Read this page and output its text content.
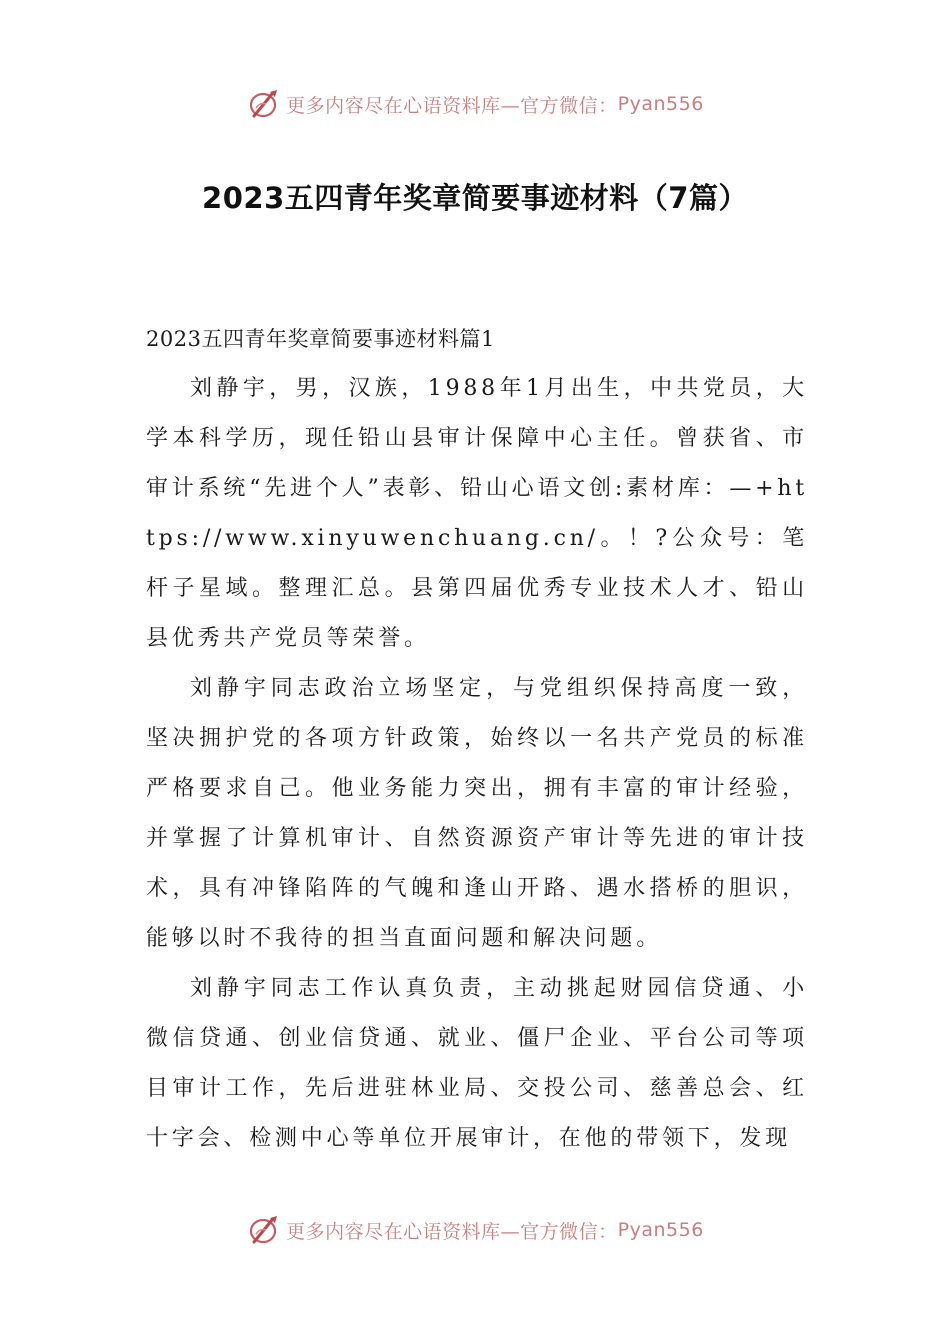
更多内容尽在心语资料库—官方微信： Pyan556
2023五四青年奖章简要事迹材料（7篇）

2023五四青年奖章简要事迹材料篇1

刘静宇，男，汉族，1988年1月出生，中共党员，大学本科学历，现任铅山县审计保障中心主任。曾获省、市审计系统“先进个人”表彰、铅山心语文创:素材库：—+https://www.xinyuwenchuang.cn/。！?公众号：笔杆子星域。整理汇总。县第四届优秀专业技术人才、铅山县优秀共产党员等荣誉。

刘静宇同志政治立场坚定，与党组织保持高度一致，坚决拥护党的各项方针政策，始终以一名共产党员的标准严格要求自己。他业务能力突出，拥有丰富的审计经验，并掌握了计算机审计、自然资源资产审计等先进的审计技术，具有冲锋陷阵的气魄和逢山开路、遇水搭桥的胆识，能够以时不我待的担当直面问题和解决问题。

刘静宇同志工作认真负责，主动挑起财园信贷通、小微信贷通、创业信贷通、就业、僵尸企业、平台公司等项目审计工作，先后进驻林业局、交投公司、慈善总会、红十字会、检测中心等单位开展审计，在他的带领下，发现

更多内容尽在心语资料库—官方微信： Pyan556
